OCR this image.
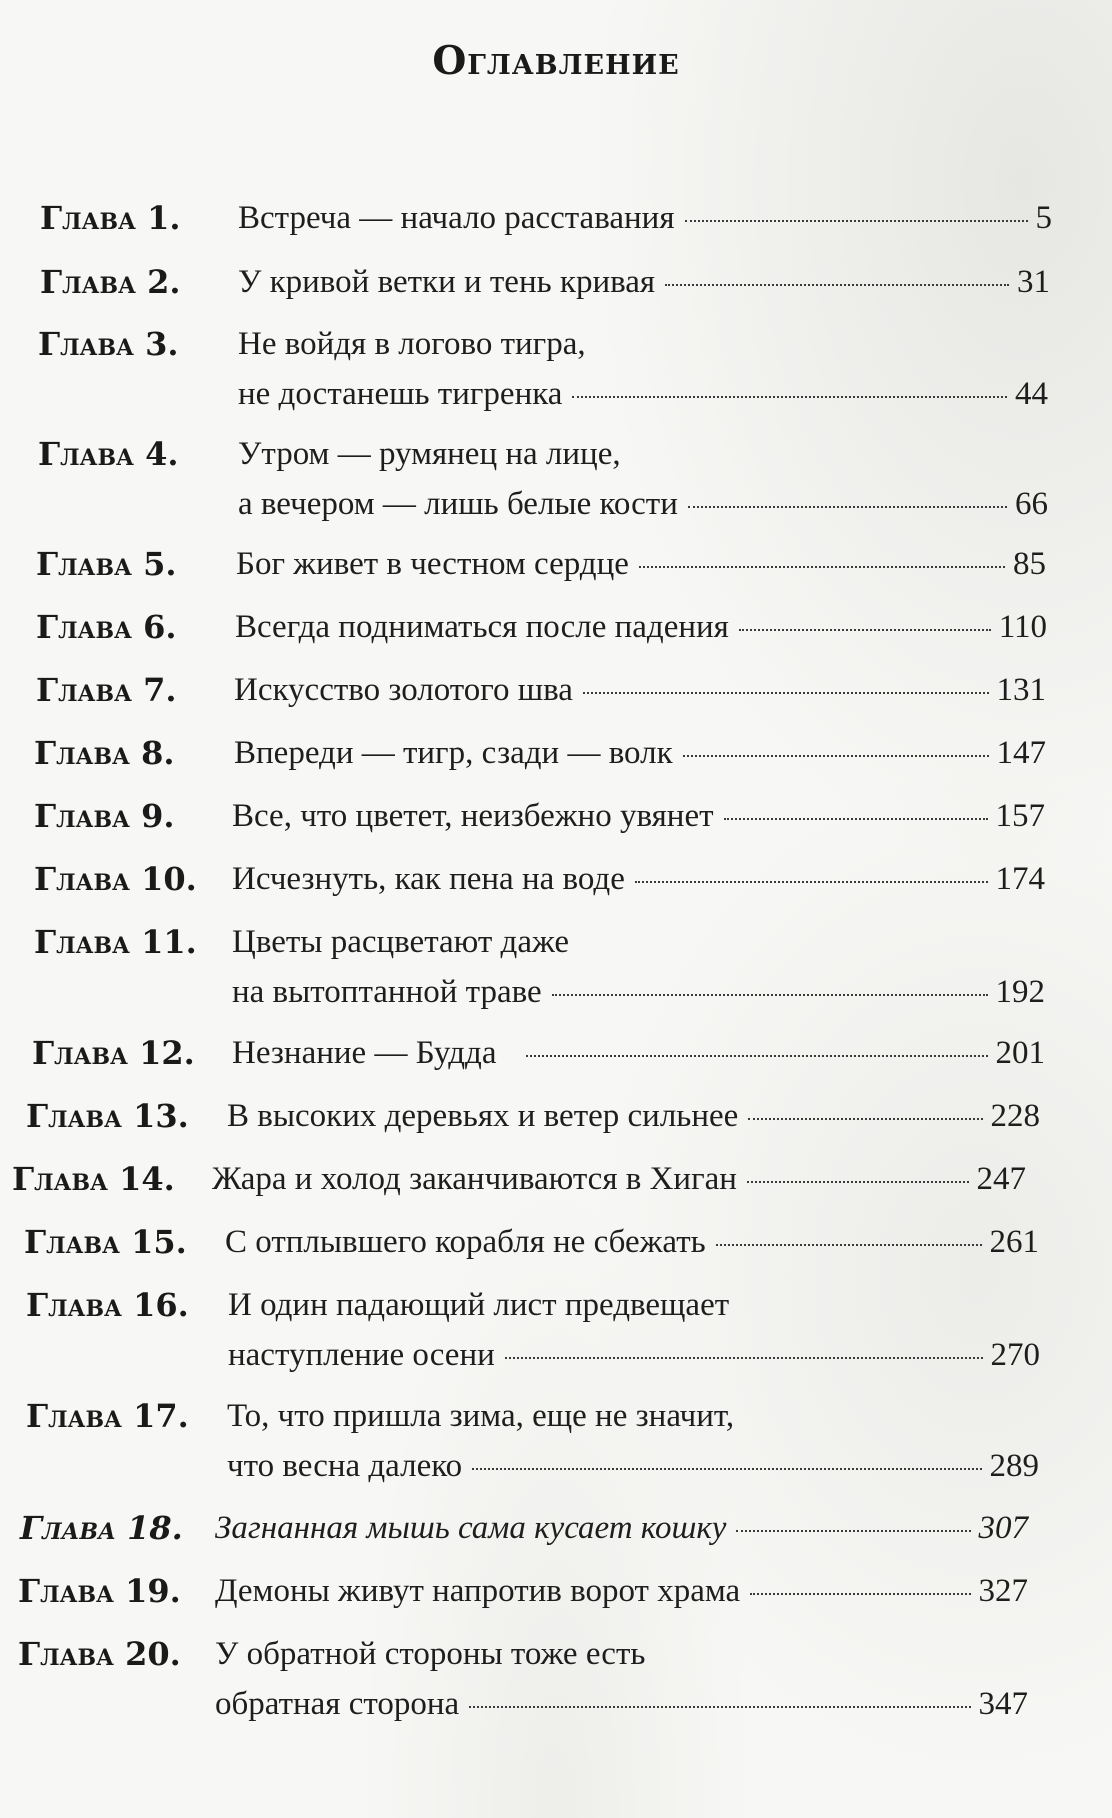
Оглавление
Глава 1. Встреча — начало расставания	5
Глава 2. У кривой ветки и тень кривая	31
Глава 3. Не войдя в логово тигра,
не достанешь тигренка	44
Глава 4. Утром — румянец на лице,
а вечером — лишь белые кости	66
Глава 5. Бог живет в честном сердце	85
Глава 6. Всегда подниматься после падения	110
Глава 7. Искусство золотого шва	131
Глава 8. Впереди — тигр, сзади — волк	147
Глава 9. Все, что цветет, неизбежно увянет	157
Глава 10. Исчезнуть, как пена на воде	174
Глава 11. Цветы расцветают даже
на вытоптанной траве	192
Глава 12. Незнание — Будда	201
Глава 13. В высоких деревьях и ветер сильнее	228
Глава 14. Жара и холод заканчиваются в Хиган	247
Глава 15. С отплывшего корабля не сбежать	261
Глава 16. И один падающий лист предвещает
наступление осени	270
Глава 17. То, что пришла зима, еще не значит,
что весна далеко	289
Глава 18. Загнанная мышь сама кусает кошку	307
Глава 19. Демоны живут напротив ворот храма	327
Глава 20. У обратной стороны тоже есть
обратная сторона	347
